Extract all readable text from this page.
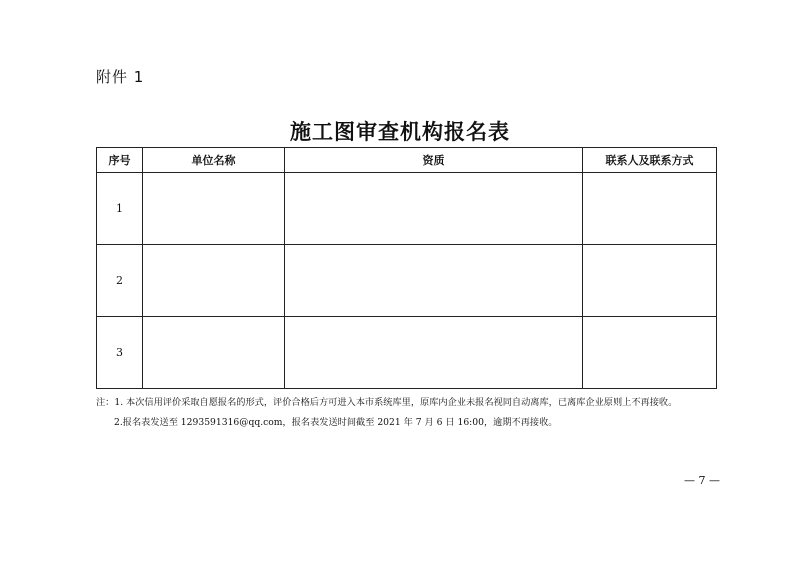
附件 1
施工图审查机构报名表
序号	单位名称	资质	联系人及联系方式
1			
2			
3			
注：1. 本次信用评价采取自愿报名的形式，评价合格后方可进入本市系统库里，原库内企业未报名视同自动离库，已离库企业原则上不再接收。
2.报名表发送至 1293591316@qq.com，报名表发送时间截至 2021 年 7 月 6 日 16:00，逾期不再接收。
— 7 —
